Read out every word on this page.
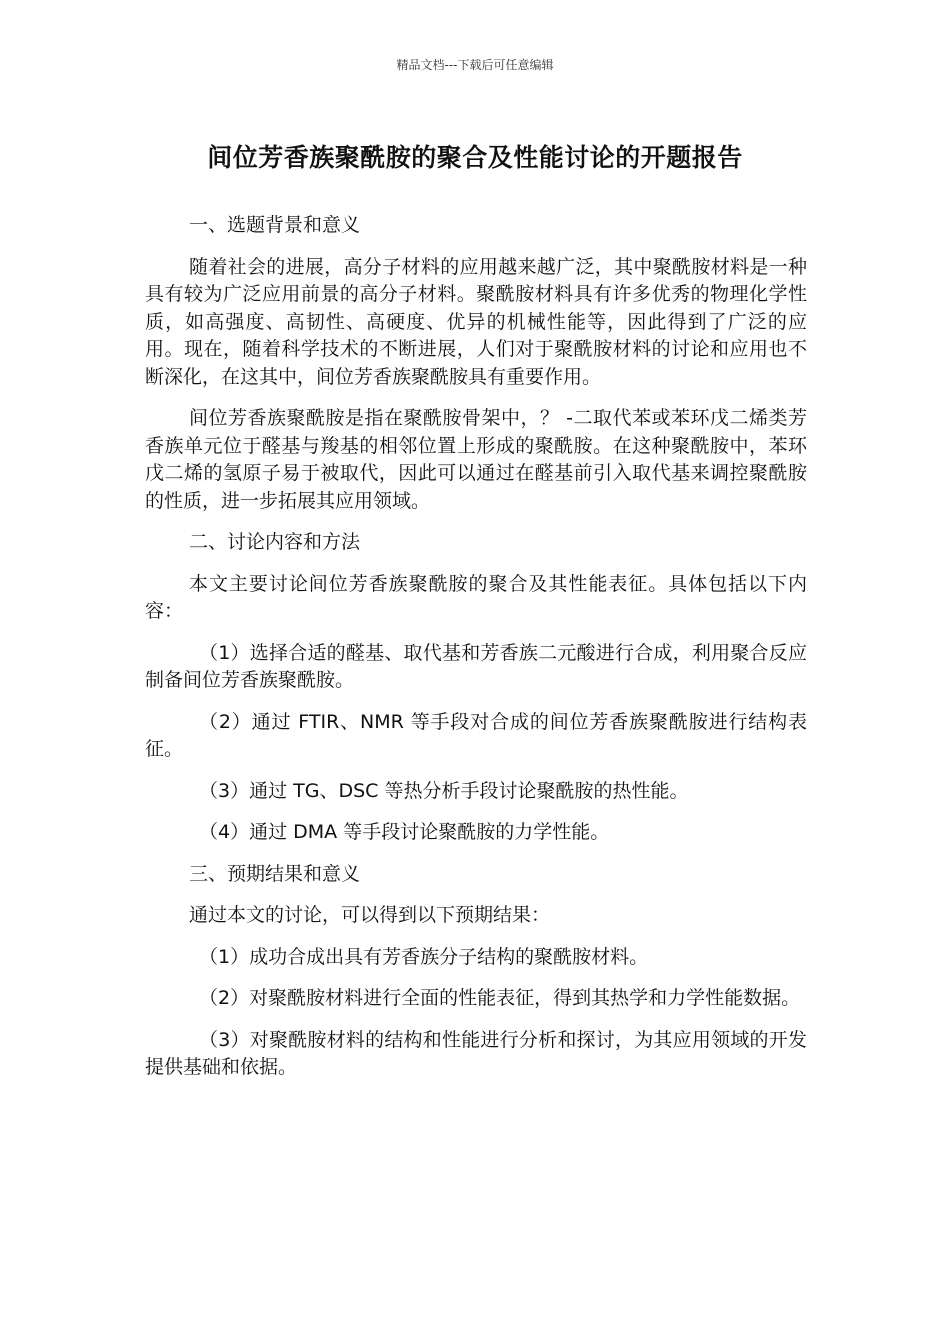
精品文档---下载后可任意编辑
间位芳香族聚酰胺的聚合及性能讨论的开题报告

一、选题背景和意义

随着社会的进展，高分子材料的应用越来越广泛，其中聚酰胺材料是一种具有较为广泛应用前景的高分子材料。聚酰胺材料具有许多优秀的物理化学性质，如高强度、高韧性、高硬度、优异的机械性能等，因此得到了广泛的应用。现在，随着科学技术的不断进展，人们对于聚酰胺材料的讨论和应用也不断深化，在这其中，间位芳香族聚酰胺具有重要作用。

间位芳香族聚酰胺是指在聚酰胺骨架中，？ -二取代苯或苯环戊二烯类芳香族单元位于醛基与羧基的相邻位置上形成的聚酰胺。在这种聚酰胺中，苯环戊二烯的氢原子易于被取代，因此可以通过在醛基前引入取代基来调控聚酰胺的性质，进一步拓展其应用领域。

二、讨论内容和方法

本文主要讨论间位芳香族聚酰胺的聚合及其性能表征。具体包括以下内容：

（1）选择合适的醛基、取代基和芳香族二元酸进行合成，利用聚合反应制备间位芳香族聚酰胺。

（2）通过 FTIR、NMR 等手段对合成的间位芳香族聚酰胺进行结构表征。

（3）通过 TG、DSC 等热分析手段讨论聚酰胺的热性能。

（4）通过 DMA 等手段讨论聚酰胺的力学性能。

三、预期结果和意义

通过本文的讨论，可以得到以下预期结果：

（1）成功合成出具有芳香族分子结构的聚酰胺材料。

（2）对聚酰胺材料进行全面的性能表征，得到其热学和力学性能数据。

（3）对聚酰胺材料的结构和性能进行分析和探讨，为其应用领域的开发提供基础和依据。
